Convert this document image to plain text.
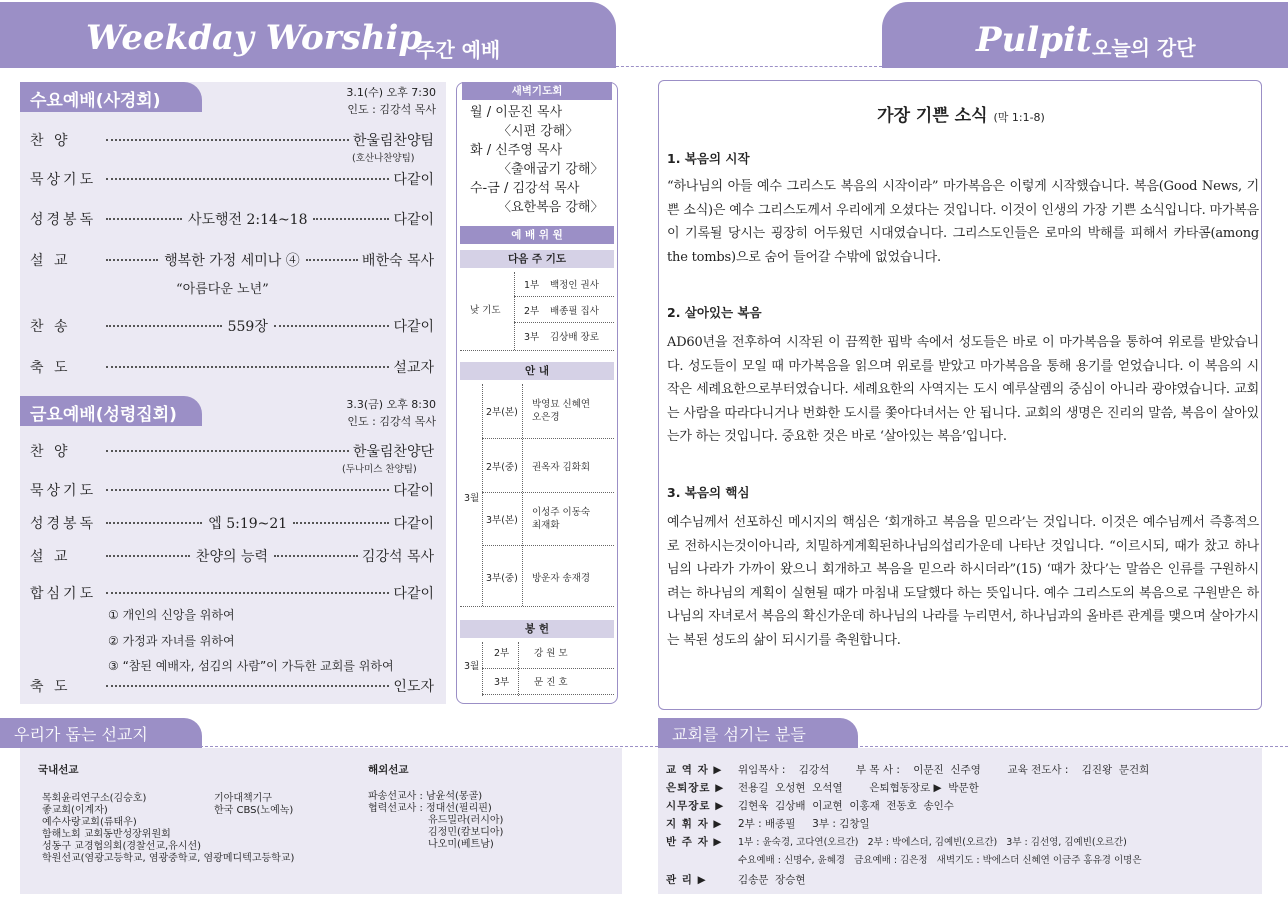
Weekday Worship
주간 예배	Pulpit 오늘의 강단
수요예배(사경회)	3.1(수) 오후 7:30
인도 : 김강석 목사
찬 양	한울림찬양팀
(호산나찬양팀)
묵상기도	다같이
성경봉독	사도행전 2:14~18	다같이
설 교	행복한 가정 세미나 ④	배한숙 목사
“아름다운 노년”
찬 송	559장	다같이
축 도	설교자
금요예배(성령집회)
3.3(금) 오후 8:30
인도 : 김강석 목사
찬 양	한울림찬양단
(두나미스 찬양팀)
묵상기도	다같이
성경봉독	엡 5:19~21	다같이
설 교	찬양의 능력	김강석 목사
합심기도	다같이
① 개인의 신앙을 위하여
② 가정과 자녀를 위하여
③ “참된 예배자, 섬김의 사람”이 가득한 교회를 위하여
축 도	인도자
새벽기도회
월 / 이문진 목사
〈시편 강해〉
화 / 신주영 목사
〈출애굽기 강해〉
수-금 / 김강석 목사
〈요한복음 강해〉
예 배 위 원
다음 주 기도
낮 기도
1부 백정인 권사
2부 배종필 집사
3부 김상배 장로
안 내
3월
2부(본)
박영묘 신혜연 오은경
2부(중) 권옥자 김화회
3부(본)
이성주 이동숙 최재화
3부(중) 방운자 송재경
봉 헌
3월
2부	강 원 모
3부	문 진 호
가장 기쁜 소식 (막 1:1-8)
1. 복음의 시작
“하나님의 아들 예수 그리스도 복음의 시작이라” 마가복음은 이렇게 시작했습니다. 복음(Good News, 기쁜 소식)은 예수 그리스도께서 우리에게 오셨다는 것입니다. 이것이 인생의 가장 기쁜 소식입니다. 마가복음이 기록될 당시는 굉장히 어두웠던 시대였습니다. 그리스도인들은 로마의 박해를 피해서 카타콤(among the tombs)으로 숨어 들어갈 수밖에 없었습니다.
2. 살아있는 복음
AD60년을 전후하여 시작된 이 끔찍한 핍박 속에서 성도들은 바로 이 마가복음을 통하여 위로를 받았습니다. 성도들이 모일 때 마가복음을 읽으며 위로를 받았고 마가복음을 통해 용기를 얻었습니다. 이 복음의 시작은 세례요한으로부터였습니다. 세례요한의 사역지는 도시 예루살렘의 중심이 아니라 광야였습니다. 교회는 사람을 따라다니거나 번화한 도시를 쫓아다녀서는 안 됩니다. 교회의 생명은 진리의 말씀, 복음이 살아있는가 하는 것입니다. 중요한 것은 바로 ‘살아있는 복음’입니다.
3. 복음의 핵심
예수님께서 선포하신 메시지의 핵심은 ‘회개하고 복음을 믿으라’는 것입니다. 이것은 예수님께서 즉흥적으로 전하시는것이아니라, 치밀하게계획된하나님의섭리가운데 나타난 것입니다. “이르시되, 때가 찼고 하나님의 나라가 가까이 왔으니 회개하고 복음을 믿으라 하시더라”(15) ‘때가 찼다’는 말씀은 인류를 구원하시려는 하나님의 계획이 실현될 때가 마침내 도달했다 하는 뜻입니다. 예수 그리스도의 복음으로 구원받은 하나님의 자녀로서 복음의 확신가운데 하나님의 나라를 누리면서, 하나님과의 올바른 관계를 맺으며 살아가시는 복된 성도의 삶이 되시기를 축원합니다.
우리가 돕는 선교지
국내선교
목회윤리연구소(김승호)
좋교회(이계자)
예수사랑교회(류태우)
함해노회 교회동반성장위원회
성동구 교경협의회(경찰선교,유시선)
학원선교(염광고등학교, 염광중학교, 염광메디텍고등학교)
기아대책기구
한국 CBS(노예녹)
해외선교
파송선교사 : 남윤석(몽골)
협력선교사 : 정대선(필리핀)
유드밀라(러시아)
김정민(캄보디아)
나오미(베트남)
교회를 섬기는 분들
교 역 자 ▶	위임목사 :    김강석        부 목 사 :    이문진  신주영        교육 전도사 :    김진왕  문건희
은퇴장로 ▶	전용길  오성현  오석열        은퇴협동장로 ▶  박문한
시무장로 ▶	김현욱  김상배  이교현  이홍재  전동호  송인수
지 휘 자 ▶	2부 : 배종필     3부 : 김창일
반 주 자 ▶	1부 : 윤숙경, 고다연(오르간)   2부 : 박에스더, 김예빈(오르간)   3부 : 김선영, 김예빈(오르간)
수요예배 : 신명수, 윤혜경   금요예배 : 김은정   새벽기도 : 박에스더 신혜연 이금주 홍유경 이명은
관 리 ▶	김송문  장승현
